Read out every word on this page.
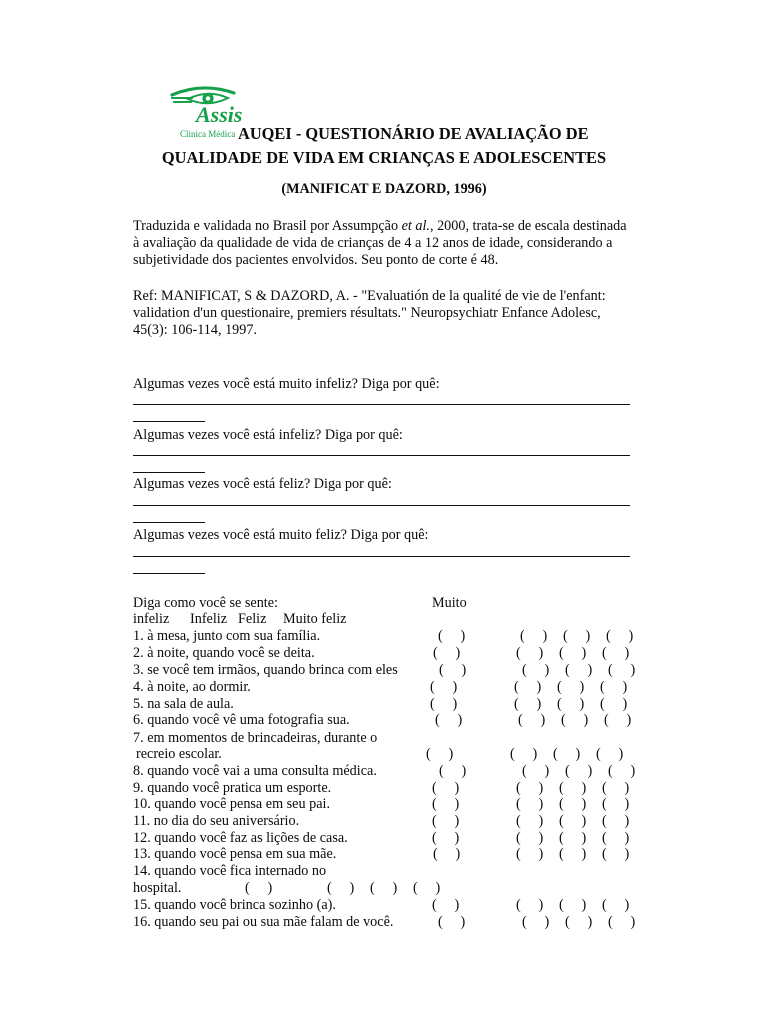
Assis
Clinica Médica AUQEI - QUESTIONÁRIO DE AVALIAÇÃO DE
QUALIDADE DE VIDA EM CRIANÇAS E ADOLESCENTES
(MANIFICAT E DAZORD, 1996)
Traduzida e validada no Brasil por Assumpção et al., 2000, trata-se de escala destinada
à avaliação da qualidade de vida de crianças de 4 a 12 anos de idade, considerando a
subjetividade dos pacientes envolvidos. Seu ponto de corte é 48.
Ref: MANIFICAT, S & DAZORD, A. - "Evaluatión de la qualité de vie de l'enfant:
validation d'un questionaire, premiers résultats." Neuropsychiatr Enfance Adolesc,
45(3): 106-114, 1997.
Algumas vezes você está muito infeliz? Diga por quê:
Algumas vezes você está infeliz? Diga por quê:
Algumas vezes você está feliz? Diga por quê:
Algumas vezes você está muito feliz? Diga por quê:
Diga como você se sente:	Muito
infeliz Infeliz Feliz Muito feliz
1. à mesa, junto com sua família.	(     )	(     ) (     ) (     )
2. à noite, quando você se deita.	(     )	(     ) (     ) (     )
3. se você tem irmãos, quando brinca com eles	(     )	(     ) (     ) (     )
4. à noite, ao dormir.	(     )	(     ) (     ) (     )
5. na sala de aula.	(     )	(     ) (     ) (     )
6. quando você vê uma fotografia sua.	(     )	(     ) (     ) (     )
7. em momentos de brincadeiras, durante o
recreio escolar.	(     )	(     ) (     ) (     )
8. quando você vai a uma consulta médica.	(     )	(     ) (     ) (     )
9. quando você pratica um esporte.	(     )	(     ) (     ) (     )
10. quando você pensa em seu pai.	(     )	(     ) (     ) (     )
11. no dia do seu aniversário.	(     )	(     ) (     ) (     )
12. quando você faz as lições de casa.	(     )	(     ) (     ) (     )
13. quando você pensa em sua mãe.	(     )	(     ) (     ) (     )
14. quando você fica internado no
hospital.	(     )	(     ) (     ) (     )
15. quando você brinca sozinho (a).	(     )	(     ) (     ) (     )
16. quando seu pai ou sua mãe falam de você.	(     )	(     ) (     ) (     )
